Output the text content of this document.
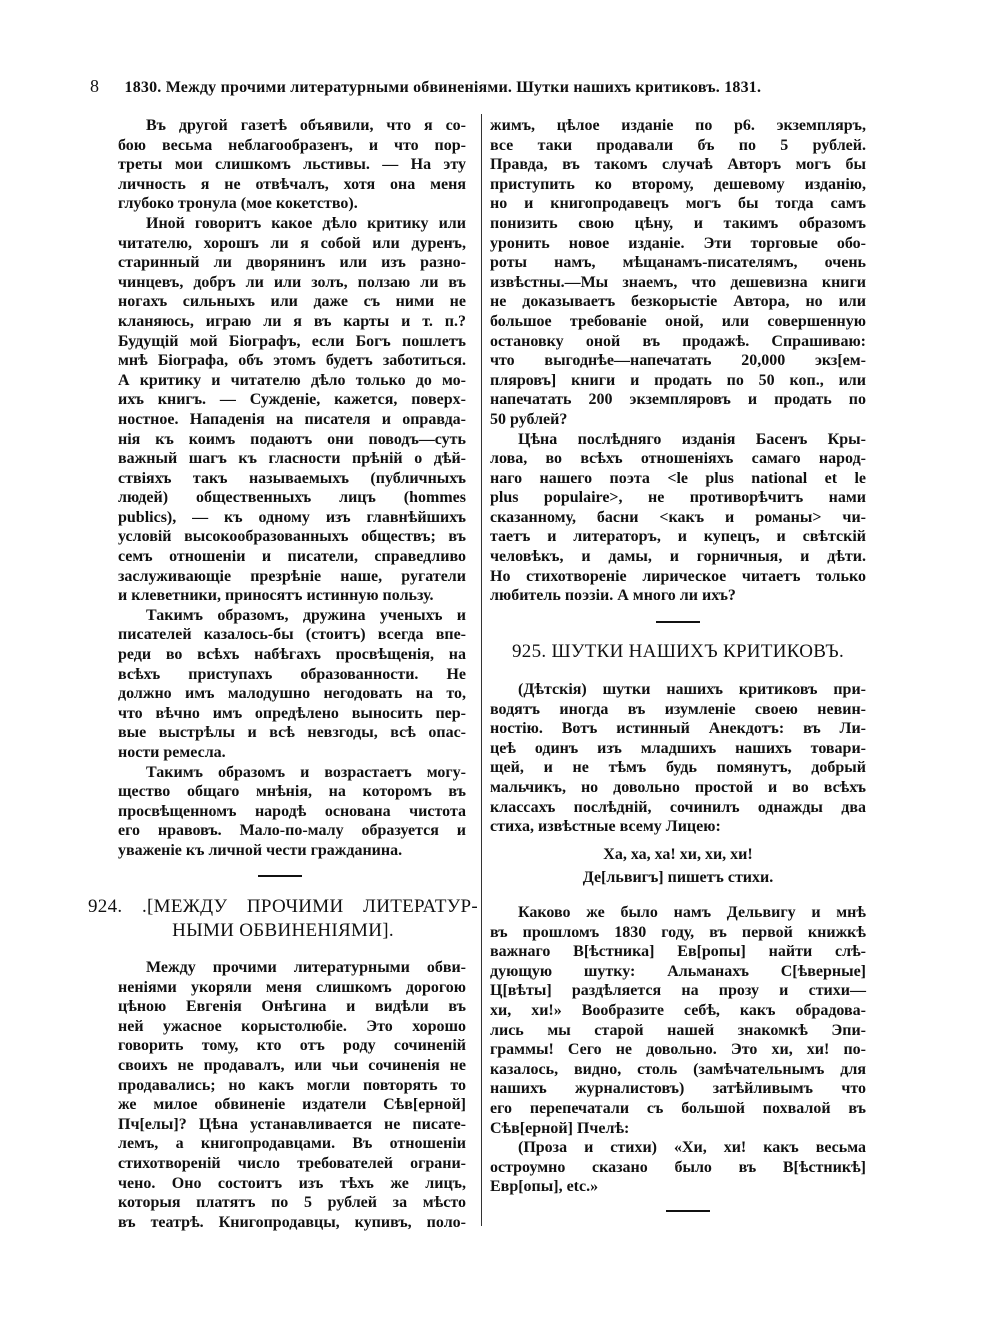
8 1830. Между прочими литературными обвиненіями. Шутки нашихъ критиковъ. 1831.
Въ другой газетѣ объявили, что я со-
бою весьма неблагообразенъ, и что пор-
треты мои слишкомъ льстивы. — На эту
личность я не отвѣчалъ, хотя она меня
глубоко тронула (мое кокетство).
Иной говоритъ какое дѣло критику или
читателю, хорошъ ли я собой или дуренъ,
старинный ли дворянинъ или изъ разно-
чинцевъ, добръ ли или золъ, ползаю ли въ
ногахъ сильныхъ или даже съ ними не
кланяюсь, играю ли я въ карты и т. п.?
Будущій мой Біографъ, если Богъ пошлетъ
мнѣ Біографа, объ этомъ будетъ заботиться.
А критику и читателю дѣло только до мо-
ихъ книгъ. — Сужденіе, кажется, поверх-
ностное. Нападенія на писателя и оправда-
нія къ коимъ подаютъ они поводъ—суть
важный шагъ къ гласности прѣній о дѣй-
ствіяхъ такъ называемыхъ (публичныхъ
людей) общественныхъ лицъ (hommes
publics), — къ одному изъ главнѣйшихъ
условій высокообразованныхъ обществъ; въ
семъ отношеніи и писатели, справедливо
заслуживающіе презрѣніе наше, ругатели
и клеветники, приносятъ истинную пользу.
Такимъ образомъ, дружина ученыхъ и
писателей казалось-бы (стоитъ) всегда впе-
реди во всѣхъ набѣгахъ просвѣщенія, на
всѣхъ приступахъ образованности. Не
должно имъ малодушно негодовать на то,
что вѣчно имъ опредѣлено выносить пер-
вые выстрѣлы и всѣ невзгоды, всѣ опас-
ности ремесла.
Такимъ образомъ и возрастаетъ могу-
щество общаго мнѣнія, на которомъ въ
просвѣщенномъ народѣ основана чистота
его нравовъ. Мало-по-малу образуется и
уваженіе къ личной чести гражданина.
924. .[МЕЖДУ ПРОЧИМИ ЛИТЕРАТУР-
НЫМИ ОБВИНЕНІЯМИ].
Между прочими литературными обви-
неніями укоряли меня слишкомъ дорогою
цѣною Евгенія Онѣгина и видѣли въ
ней ужасное корыстолюбіе. Это хорошо
говорить тому, кто отъ роду сочиненій
своихъ не продавалъ, или чьи сочиненія не
продавались; но какъ могли повторять то
же милое обвиненіе издатели Сѣв[ерной]
Пч[елы]? Цѣна устанавливается не писате-
лемъ, а книгопродавцами. Въ отношеніи
стихотвореній число требователей ограни-
чено. Оно состоитъ изъ тѣхъ же лицъ,
которыя платятъ по 5 рублей за мѣсто
въ театрѣ. Книгопродавцы, купивъ, поло-
жимъ, цѣлое изданіе по р6. экземпляръ,
все таки продавали бъ по 5 рублей.
Правда, въ такомъ случаѣ Авторъ могъ бы
приступить ко второму, дешевому изданію,
но и книгопродавецъ могъ бы тогда самъ
понизить свою цѣну, и такимъ образомъ
уронить новое изданіе. Эти торговые обо-
роты намъ, мѣщанамъ-писателямъ, очень
извѣстны.—Мы знаемъ, что дешевизна книги
не доказываетъ безкорыстіе Автора, но или
большое требованіе оной, или совершенную
остановку оной въ продажѣ. Спрашиваю:
что выгоднѣе—напечатать 20,000 экз[ем-
пляровъ] книги и продать по 50 коп., или
напечатать 200 экземпляровъ и продать по
50 рублей?
Цѣна послѣдняго изданія Басенъ Кры-
лова, во всѣхъ отношеніяхъ самаго народ-
наго нашего поэта <le plus national et le
plus populaire>, не противорѣчитъ нами
сказанному, басни <какъ и романы> чи-
таетъ и литераторъ, и купецъ, и свѣтскій
человѣкъ, и дамы, и горничныя, и дѣти.
Но стихотвореніе лирическое читаетъ только
любитель поэзіи. А много ли ихъ?
925. ШУТКИ НАШИХЪ КРИТИКОВЪ.
(Дѣтскія) шутки нашихъ критиковъ при-
водятъ иногда въ изумленіе своею невин-
ностію. Вотъ истинный Анекдотъ: въ Ли-
цеѣ одинъ изъ младшихъ нашихъ товари-
щей, и не тѣмъ будь помянутъ, добрый
мальчикъ, но довольно простой и во всѣхъ
классахъ послѣдній, сочинилъ однажды два
стиха, извѣстные всему Лицею:
Ха, ха, ха! хи, хи, хи!
Де[львигъ] пишетъ стихи.
Каково же было намъ Дельвигу и мнѣ
въ прошломъ 1830 году, въ первой книжкѣ
важнаго В[ѣстника] Ев[ропы] найти слѣ-
дующую шутку: Альманахъ С[ѣверные]
Ц[вѣты] раздѣляется на прозу и стихи—
хи, хи!» Вообразите себѣ, какъ обрадова-
лись мы старой нашей знакомкѣ Эпи-
граммы! Сего не довольно. Это хи, хи! по-
казалось, видно, столь (замѣчательнымъ для
нашихъ журналистовъ) затѣйливымъ что
его перепечатали съ большой похвалой въ
Сѣв[ерной] Пчелѣ:
(Проза и стихи) «Хи, хи! какъ весьма
остроумно сказано было въ В[ѣстникѣ]
Евр[опы], etc.»
